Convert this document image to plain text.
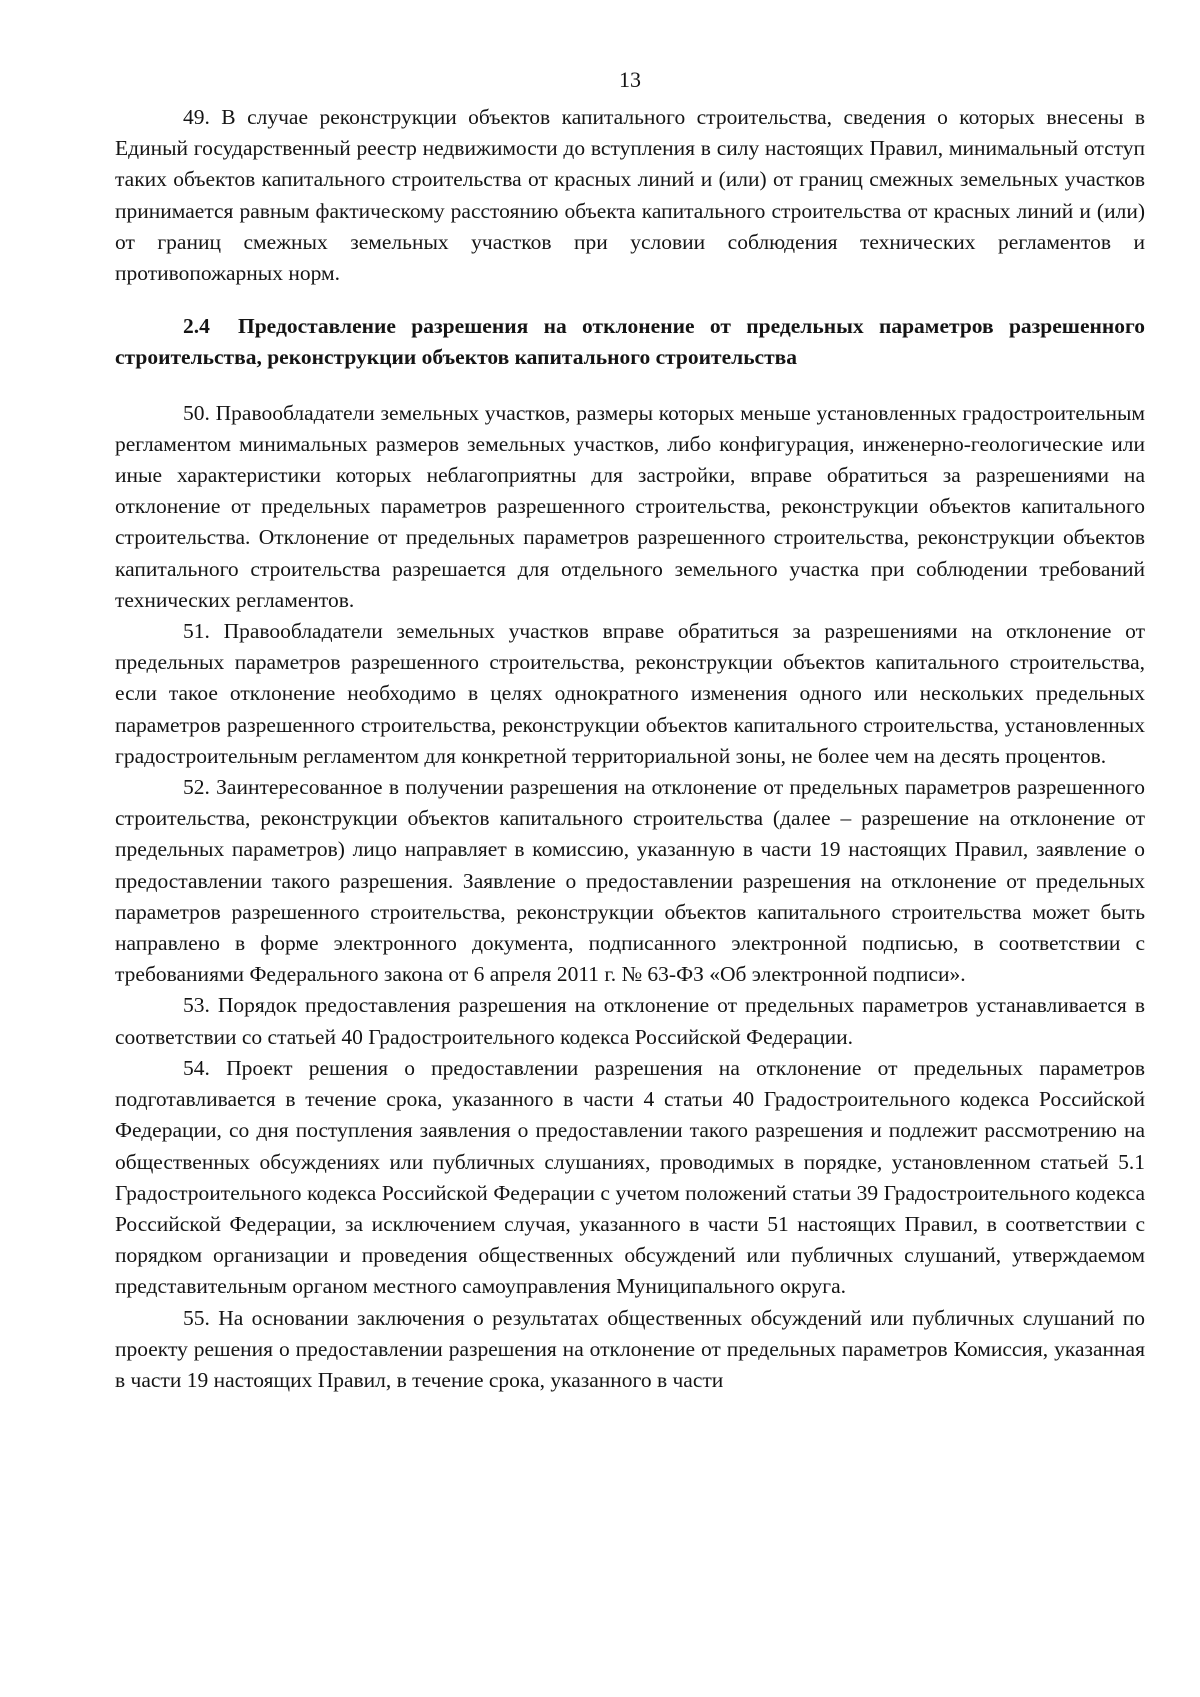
13

49. В случае реконструкции объектов капитального строительства, сведения о которых внесены в Единый государственный реестр недвижимости до вступления в силу настоящих Правил, минимальный отступ таких объектов капитального строительства от красных линий и (или) от границ смежных земельных участков принимается равным фактическому расстоянию объекта капитального строительства от красных линий и (или) от границ смежных земельных участков при условии соблюдения технических регламентов и противопожарных норм.

2.4 Предоставление разрешения на отклонение от предельных параметров разрешенного строительства, реконструкции объектов капитального строительства

50. Правообладатели земельных участков, размеры которых меньше установленных градостроительным регламентом минимальных размеров земельных участков, либо конфигурация, инженерно-геологические или иные характеристики которых неблагоприятны для застройки, вправе обратиться за разрешениями на отклонение от предельных параметров разрешенного строительства, реконструкции объектов капитального строительства. Отклонение от предельных параметров разрешенного строительства, реконструкции объектов капитального строительства разрешается для отдельного земельного участка при соблюдении требований технических регламентов.

51. Правообладатели земельных участков вправе обратиться за разрешениями на отклонение от предельных параметров разрешенного строительства, реконструкции объектов капитального строительства, если такое отклонение необходимо в целях однократного изменения одного или нескольких предельных параметров разрешенного строительства, реконструкции объектов капитального строительства, установленных градостроительным регламентом для конкретной территориальной зоны, не более чем на десять процентов.

52. Заинтересованное в получении разрешения на отклонение от предельных параметров разрешенного строительства, реконструкции объектов капитального строительства (далее – разрешение на отклонение от предельных параметров) лицо направляет в комиссию, указанную в части 19 настоящих Правил, заявление о предоставлении такого разрешения. Заявление о предоставлении разрешения на отклонение от предельных параметров разрешенного строительства, реконструкции объектов капитального строительства может быть направлено в форме электронного документа, подписанного электронной подписью, в соответствии с требованиями Федерального закона от 6 апреля 2011 г. № 63-ФЗ «Об электронной подписи».

53. Порядок предоставления разрешения на отклонение от предельных параметров устанавливается в соответствии со статьей 40 Градостроительного кодекса Российской Федерации.

54. Проект решения о предоставлении разрешения на отклонение от предельных параметров подготавливается в течение срока, указанного в части 4 статьи 40 Градостроительного кодекса Российской Федерации, со дня поступления заявления о предоставлении такого разрешения и подлежит рассмотрению на общественных обсуждениях или публичных слушаниях, проводимых в порядке, установленном статьей 5.1 Градостроительного кодекса Российской Федерации с учетом положений статьи 39 Градостроительного кодекса Российской Федерации, за исключением случая, указанного в части 51 настоящих Правил, в соответствии с порядком организации и проведения общественных обсуждений или публичных слушаний, утверждаемом представительным органом местного самоуправления Муниципального округа.

55. На основании заключения о результатах общественных обсуждений или публичных слушаний по проекту решения о предоставлении разрешения на отклонение от предельных параметров Комиссия, указанная в части 19 настоящих Правил, в течение срока, указанного в части
